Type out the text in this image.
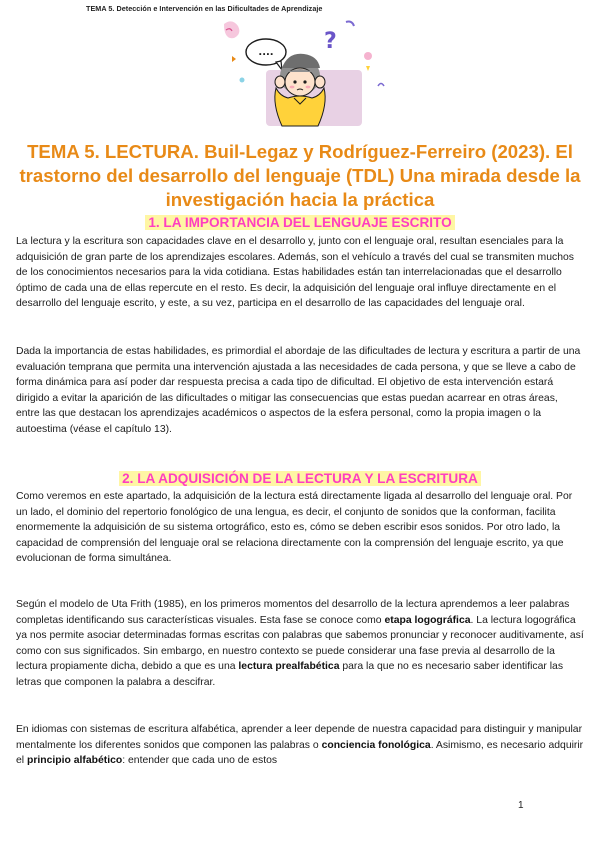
TEMA 5. Detección e Intervención en las Dificultades de Aprendizaje
.... ?
TEMA 5. LECTURA. Buil-Legaz y Rodríguez-Ferreiro (2023). El trastorno del desarrollo del lenguaje (TDL) Una mirada desde la investigación hacia la práctica
1. LA IMPORTANCIA DEL LENGUAJE ESCRITO
La lectura y la escritura son capacidades clave en el desarrollo y, junto con el lenguaje oral, resultan esenciales para la adquisición de gran parte de los aprendizajes escolares. Además, son el vehículo a través del cual se transmiten muchos de los conocimientos necesarios para la vida cotidiana. Estas habilidades están tan interrelacionadas que el desarrollo óptimo de cada una de ellas repercute en el resto. Es decir, la adquisición del lenguaje oral influye directamente en el desarrollo del lenguaje escrito, y este, a su vez, participa en el desarrollo de las capacidades del lenguaje oral.
Dada la importancia de estas habilidades, es primordial el abordaje de las dificultades de lectura y escritura a partir de una evaluación temprana que permita una intervención ajustada a las necesidades de cada persona, y que se lleve a cabo de forma dinámica para así poder dar respuesta precisa a cada tipo de dificultad. El objetivo de esta intervención estará dirigido a evitar la aparición de las dificultades o mitigar las consecuencias que estas puedan acarrear en otras áreas, entre las que destacan los aprendizajes académicos o aspectos de la esfera personal, como la propia imagen o la autoestima (véase el capítulo 13).
2. LA ADQUISICIÓN DE LA LECTURA Y LA ESCRITURA
Como veremos en este apartado, la adquisición de la lectura está directamente ligada al desarrollo del lenguaje oral. Por un lado, el dominio del repertorio fonológico de una lengua, es decir, el conjunto de sonidos que la conforman, facilita enormemente la adquisición de su sistema ortográfico, esto es, cómo se deben escribir esos sonidos. Por otro lado, la capacidad de comprensión del lenguaje oral se relaciona directamente con la comprensión del lenguaje escrito, ya que evolucionan de forma simultánea.
Según el modelo de Uta Frith (1985), en los primeros momentos del desarrollo de la lectura aprendemos a leer palabras completas identificando sus características visuales. Esta fase se conoce como etapa logográfica. La lectura logográfica ya nos permite asociar determinadas formas escritas con palabras que sabemos pronunciar y reconocer auditivamente, así como con sus significados. Sin embargo, en nuestro contexto se puede considerar una fase previa al desarrollo de la lectura propiamente dicha, debido a que es una lectura prealfabética para la que no es necesario saber identificar las letras que componen la palabra a descifrar.
En idiomas con sistemas de escritura alfabética, aprender a leer depende de nuestra capacidad para distinguir y manipular mentalmente los diferentes sonidos que componen las palabras o conciencia fonológica. Asimismo, es necesario adquirir el principio alfabético: entender que cada uno de estos
1
